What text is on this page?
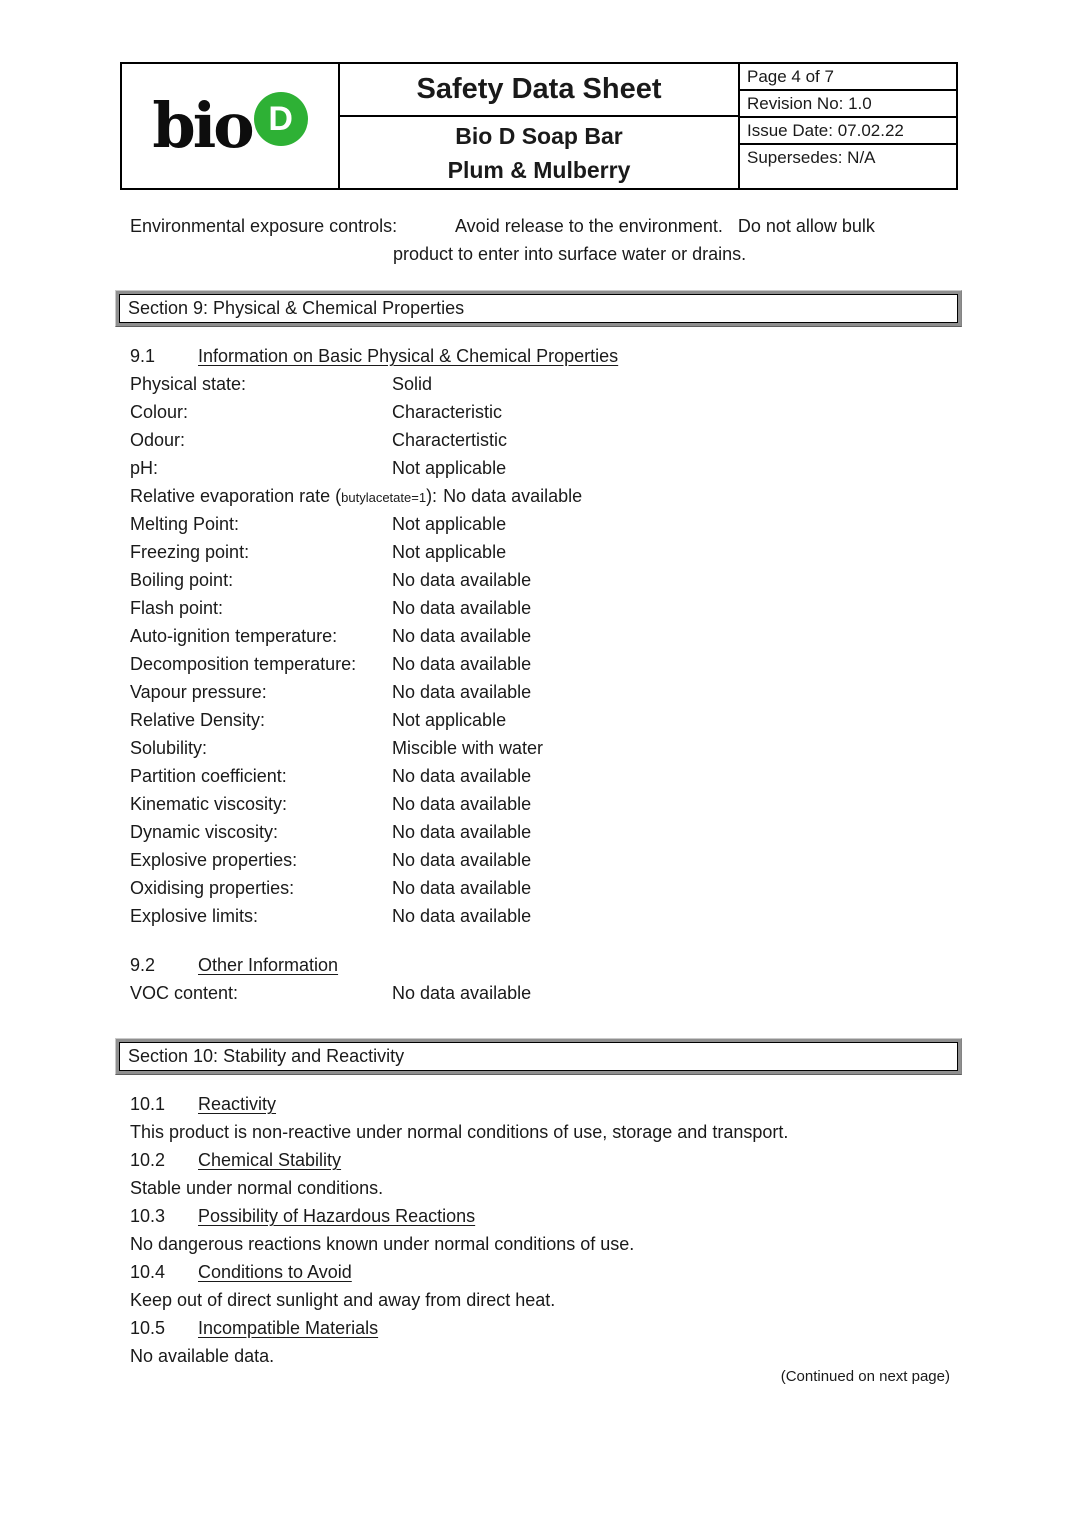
bio D
Safety Data Sheet
Bio D Soap Bar
Plum & Mulberry
Page 4 of 7
Revision No: 1.0
Issue Date: 07.02.22
Supersedes: N/A
Environmental exposure controls:	Avoid release to the environment.   Do not allow bulk
product to enter into surface water or drains.
Section 9: Physical & Chemical Properties
9.1 Information on Basic Physical & Chemical Properties
Physical state:	Solid
Colour:	Characteristic
Odour:	Charactertistic
pH:	Not applicable
Relative evaporation rate (butylacetate=1): No data available
Melting Point:	Not applicable
Freezing point:	Not applicable
Boiling point:	No data available
Flash point:	No data available
Auto-ignition temperature:	No data available
Decomposition temperature: No data available
Vapour pressure:	No data available
Relative Density:	Not applicable
Solubility:	Miscible with water
Partition coefficient:	No data available
Kinematic viscosity:	No data available
Dynamic viscosity:	No data available
Explosive properties:	No data available
Oxidising properties:	No data available
Explosive limits:	No data available
9.2 Other Information
VOC content:	No data available
Section 10: Stability and Reactivity
10.1 Reactivity
This product is non-reactive under normal conditions of use, storage and transport.
10.2 Chemical Stability
Stable under normal conditions.
10.3 Possibility of Hazardous Reactions
No dangerous reactions known under normal conditions of use.
10.4 Conditions to Avoid
Keep out of direct sunlight and away from direct heat.
10.5 Incompatible Materials
No available data.
(Continued on next page)
